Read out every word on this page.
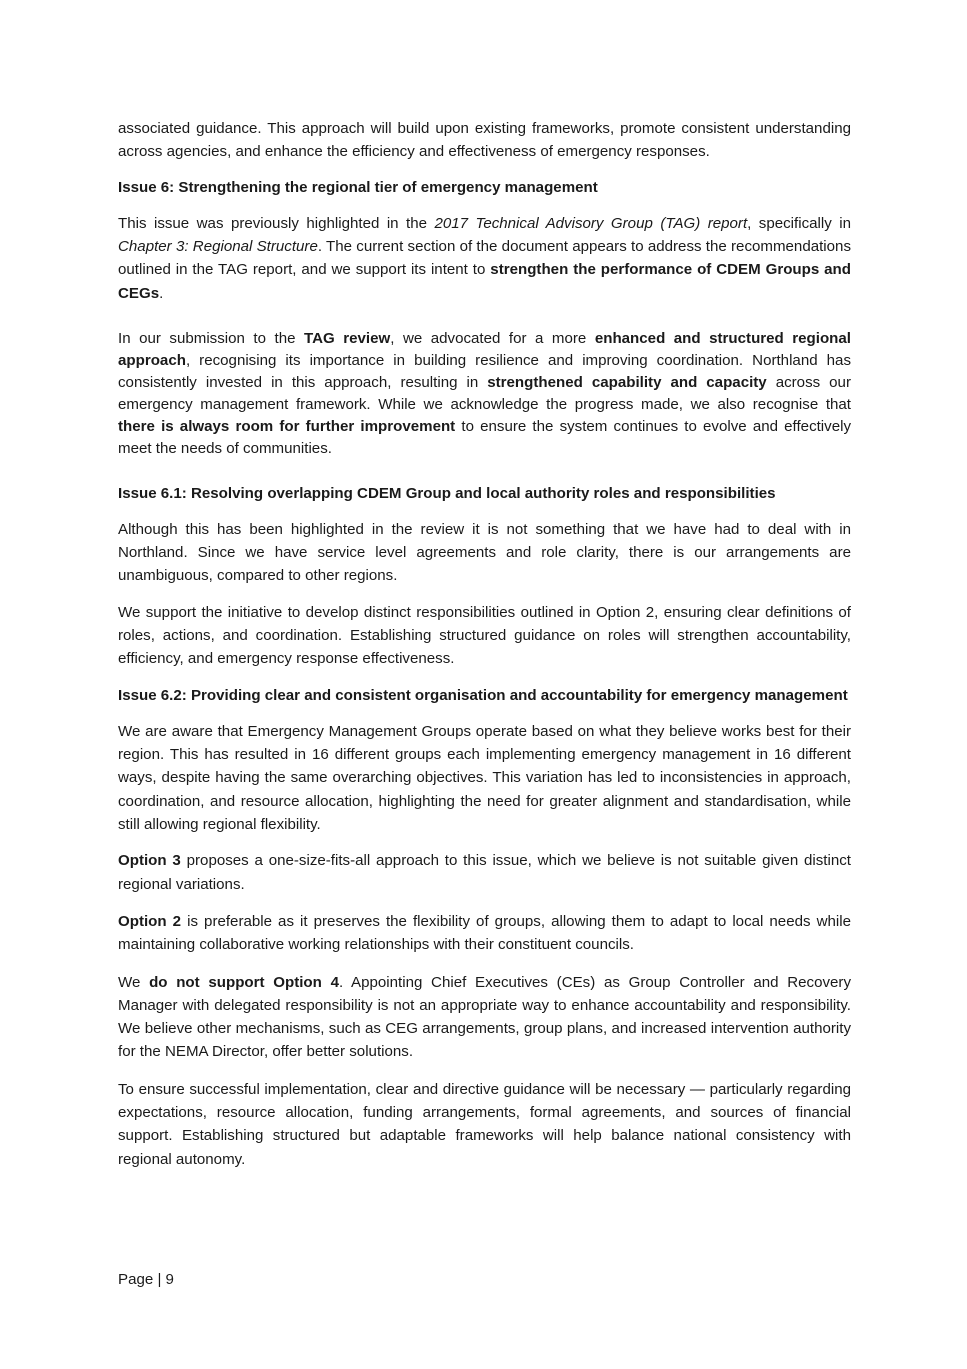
associated guidance. This approach will build upon existing frameworks, promote consistent understanding across agencies, and enhance the efficiency and effectiveness of emergency responses.

Issue 6: Strengthening the regional tier of emergency management

This issue was previously highlighted in the 2017 Technical Advisory Group (TAG) report, specifically in Chapter 3: Regional Structure. The current section of the document appears to address the recommendations outlined in the TAG report, and we support its intent to strengthen the performance of CDEM Groups and CEGs.

In our submission to the TAG review, we advocated for a more enhanced and structured regional approach, recognising its importance in building resilience and improving coordination. Northland has consistently invested in this approach, resulting in strengthened capability and capacity across our emergency management framework. While we acknowledge the progress made, we also recognise that there is always room for further improvement to ensure the system continues to evolve and effectively meet the needs of communities.

Issue 6.1: Resolving overlapping CDEM Group and local authority roles and responsibilities

Although this has been highlighted in the review it is not something that we have had to deal with in Northland. Since we have service level agreements and role clarity, there is our arrangements are unambiguous, compared to other regions.

We support the initiative to develop distinct responsibilities outlined in Option 2, ensuring clear definitions of roles, actions, and coordination. Establishing structured guidance on roles will strengthen accountability, efficiency, and emergency response effectiveness.

Issue 6.2: Providing clear and consistent organisation and accountability for emergency management

We are aware that Emergency Management Groups operate based on what they believe works best for their region. This has resulted in 16 different groups each implementing emergency management in 16 different ways, despite having the same overarching objectives. This variation has led to inconsistencies in approach, coordination, and resource allocation, highlighting the need for greater alignment and standardisation, while still allowing regional flexibility.

Option 3 proposes a one-size-fits-all approach to this issue, which we believe is not suitable given distinct regional variations.

Option 2 is preferable as it preserves the flexibility of groups, allowing them to adapt to local needs while maintaining collaborative working relationships with their constituent councils.

We do not support Option 4. Appointing Chief Executives (CEs) as Group Controller and Recovery Manager with delegated responsibility is not an appropriate way to enhance accountability and responsibility. We believe other mechanisms, such as CEG arrangements, group plans, and increased intervention authority for the NEMA Director, offer better solutions.

To ensure successful implementation, clear and directive guidance will be necessary — particularly regarding expectations, resource allocation, funding arrangements, formal agreements, and sources of financial support. Establishing structured but adaptable frameworks will help balance national consistency with regional autonomy.

Page | 9
